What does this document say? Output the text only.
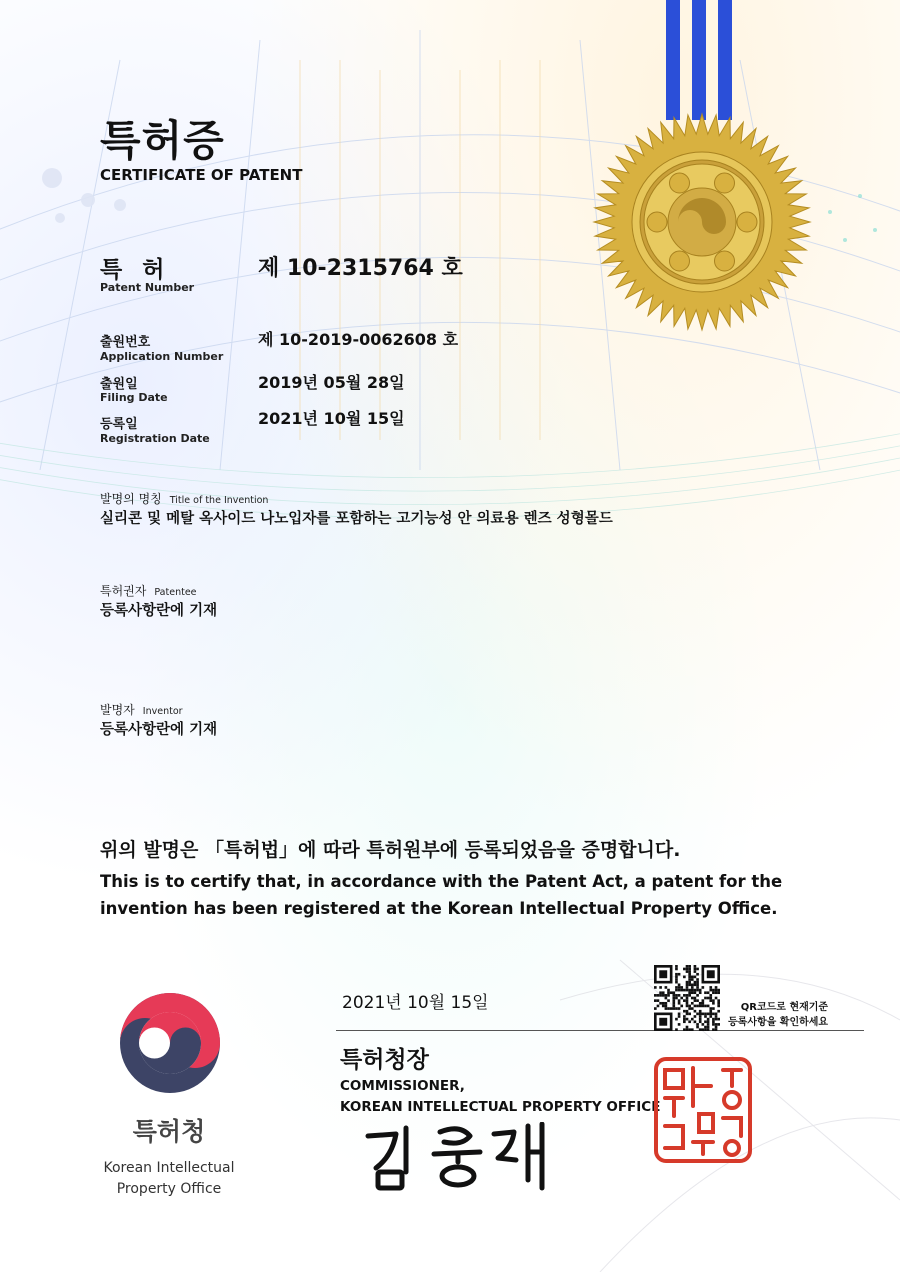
특허증
CERTIFICATE OF PATENT
특 허
Patent Number
제 10-2315764 호
출원번호
Application Number
제 10-2019-0062608 호
출원일
Filing Date
2019년 05월 28일
등록일
Registration Date
2021년 10월 15일
발명의 명칭 Title of the Invention
실리콘 및 메탈 옥사이드 나노입자를 포함하는 고기능성 안 의료용 렌즈 성형몰드
특허권자 Patentee
등록사항란에 기재
발명자 Inventor
등록사항란에 기재
위의 발명은 「특허법」에 따라 특허원부에 등록되었음을 증명합니다.
This is to certify that, in accordance with the Patent Act, a patent for the
invention has been registered at the Korean Intellectual Property Office.
2021년 10월 15일	QR코드로 현재기준
등록사항을 확인하세요
특허청장
COMMISSIONER,
KOREAN INTELLECTUAL PROPERTY OFFICE
특허청
Korean Intellectual
Property Office
